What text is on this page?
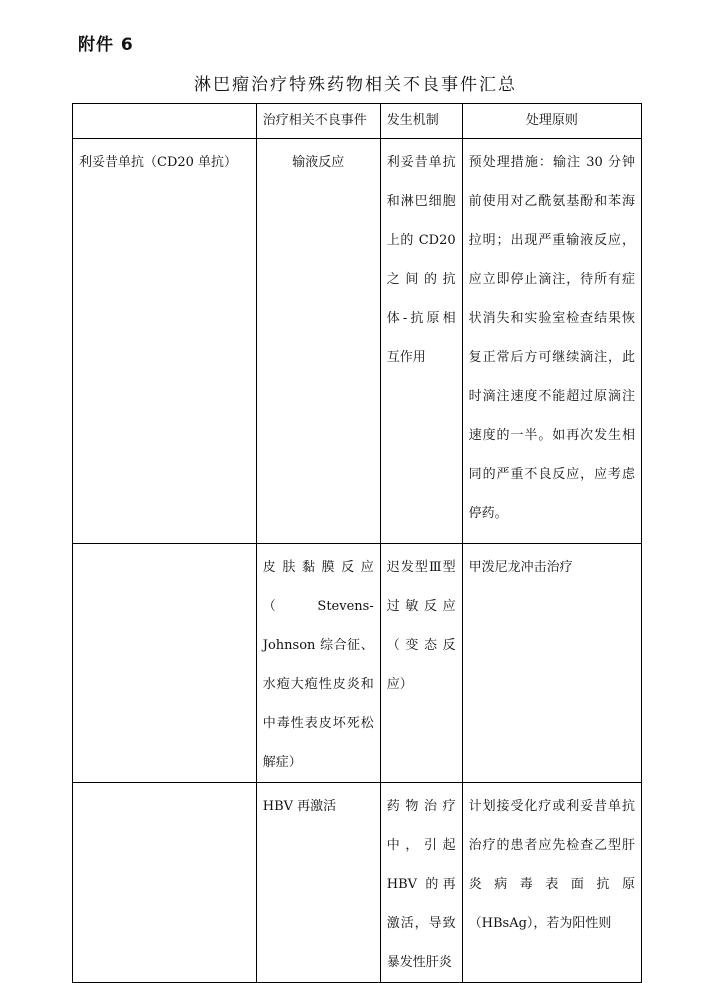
附件 6
淋巴瘤治疗特殊药物相关不良事件汇总
	治疗相关不良事件	发生机制	处理原则
利妥昔单抗（CD20 单抗）	输液反应	利妥昔单抗和淋巴细胞上的 CD20 之间的抗体-抗原相互作用	预处理措施：输注 30 分钟前使用对乙酰氨基酚和苯海拉明；出现严重输液反应，应立即停止滴注，待所有症状消失和实验室检查结果恢复正常后方可继续滴注，此时滴注速度不能超过原滴注速度的一半。如再次发生相同的严重不良反应，应考虑停药。
	皮肤黏膜反应（Stevens-Johnson 综合征、水疱大疱性皮炎和中毒性表皮坏死松解症）	迟发型Ⅲ型过敏反应（变态反应）	甲泼尼龙冲击治疗
	HBV 再激活	药物治疗中，引起 HBV 的再激活，导致暴发性肝炎	计划接受化疗或利妥昔单抗治疗的患者应先检查乙型肝炎病毒表面抗原（HBsAg），若为阳性则
